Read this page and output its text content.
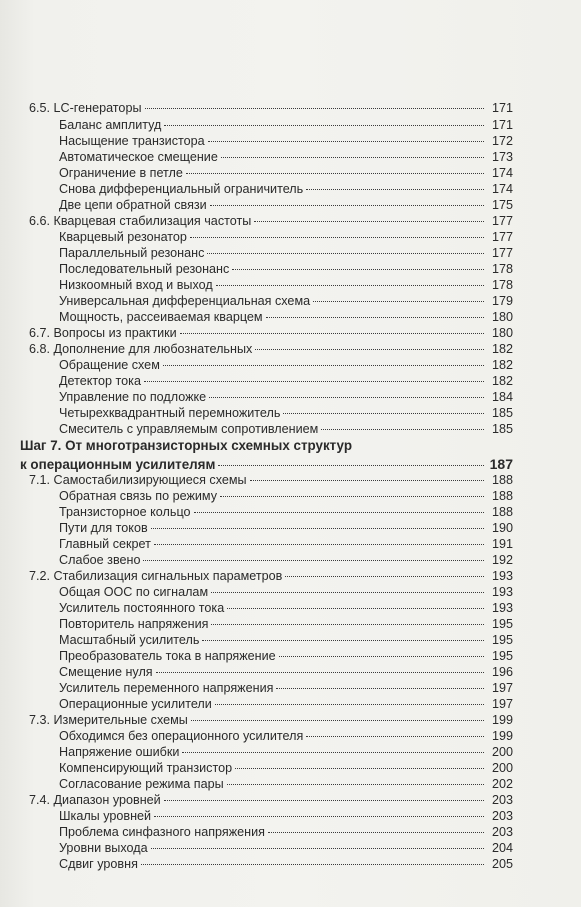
6.5. LC-генераторы	171
Баланс амплитуд	171
Насыщение транзистора	172
Автоматическое смещение	173
Ограничение в петле	174
Снова дифференциальный ограничитель	174
Две цепи обратной связи	175
6.6. Кварцевая стабилизация частоты	177
Кварцевый резонатор	177
Параллельный резонанс	177
Последовательный резонанс	178
Низкоомный вход и выход	178
Универсальная дифференциальная схема	179
Мощность, рассеиваемая кварцем	180
6.7. Вопросы из практики	180
6.8. Дополнение для любознательных	182
Обращение схем	182
Детектор тока	182
Управление по подложке	184
Четырехквадрантный перемножитель	185
Смеситель с управляемым сопротивлением	185
Шаг 7. От многотранзисторных схемных структур
к операционным усилителям	187
7.1. Самостабилизирующиеся схемы	188
Обратная связь по режиму	188
Транзисторное кольцо	188
Пути для токов	190
Главный секрет	191
Слабое звено	192
7.2. Стабилизация сигнальных параметров	193
Общая ООС по сигналам	193
Усилитель постоянного тока	193
Повторитель напряжения	195
Масштабный усилитель	195
Преобразователь тока в напряжение	195
Смещение нуля	196
Усилитель переменного напряжения	197
Операционные усилители	197
7.3. Измерительные схемы	199
Обходимся без операционного усилителя	199
Напряжение ошибки	200
Компенсирующий транзистор	200
Согласование режима пары	202
7.4. Диапазон уровней	203
Шкалы уровней	203
Проблема синфазного напряжения	203
Уровни выхода	204
Сдвиг уровня	205
